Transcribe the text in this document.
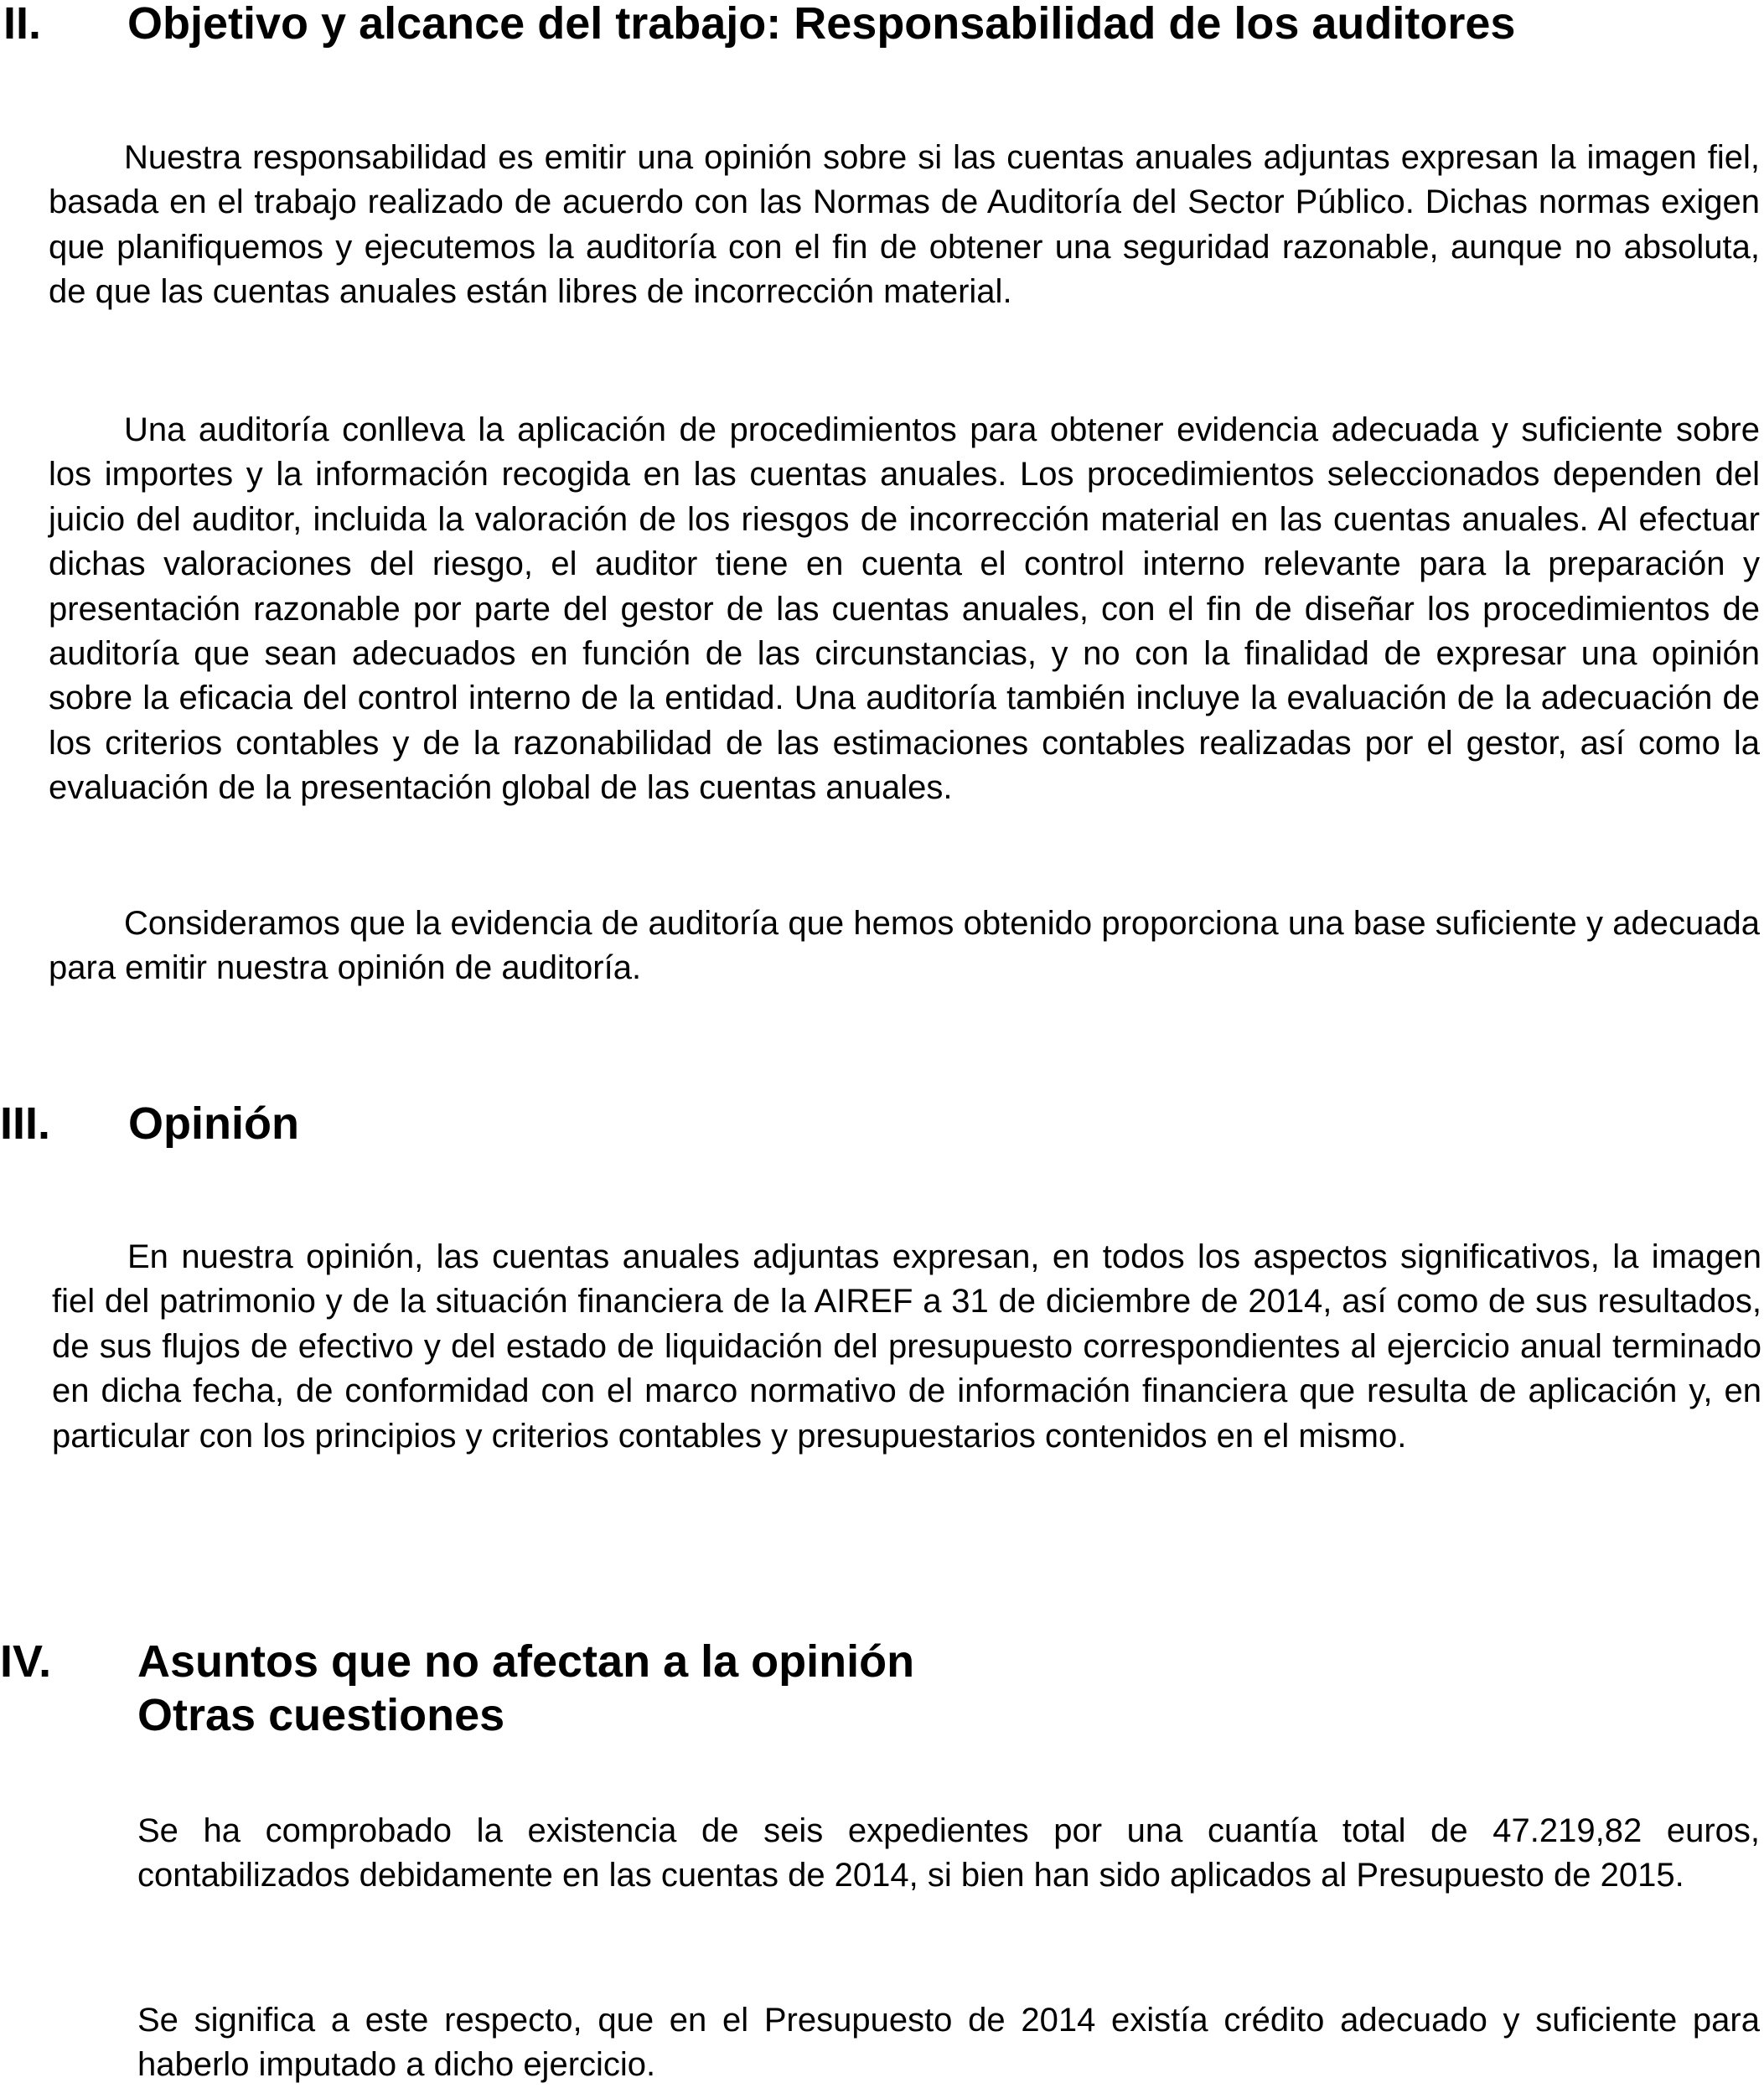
II. Objetivo y alcance del trabajo: Responsabilidad de los auditores

Nuestra responsabilidad es emitir una opinión sobre si las cuentas anuales adjuntas expresan la imagen fiel, basada en el trabajo realizado de acuerdo con las Normas de Auditoría del Sector Público. Dichas normas exigen que planifiquemos y ejecutemos la auditoría con el fin de obtener una seguridad razonable, aunque no absoluta, de que las cuentas anuales están libres de incorrección material.

Una auditoría conlleva la aplicación de procedimientos para obtener evidencia adecuada y suficiente sobre los importes y la información recogida en las cuentas anuales. Los procedimientos seleccionados dependen del juicio del auditor, incluida la valoración de los riesgos de incorrección material en las cuentas anuales. Al efectuar dichas valoraciones del riesgo, el auditor tiene en cuenta el control interno relevante para la preparación y presentación razonable por parte del gestor de las cuentas anuales, con el fin de diseñar los procedimientos de auditoría que sean adecuados en función de las circunstancias, y no con la finalidad de expresar una opinión sobre la eficacia del control interno de la entidad. Una auditoría también incluye la evaluación de la adecuación de los criterios contables y de la razonabilidad de las estimaciones contables realizadas por el gestor, así como la evaluación de la presentación global de las cuentas anuales.

Consideramos que la evidencia de auditoría que hemos obtenido proporciona una base suficiente y adecuada para emitir nuestra opinión de auditoría.

III. Opinión

En nuestra opinión, las cuentas anuales adjuntas expresan, en todos los aspectos significativos, la imagen fiel del patrimonio y de la situación financiera de la AIREF a 31 de diciembre de 2014, así como de sus resultados, de sus flujos de efectivo y del estado de liquidación del presupuesto correspondientes al ejercicio anual terminado en dicha fecha, de conformidad con el marco normativo de información financiera que resulta de aplicación y, en particular con los principios y criterios contables y presupuestarios contenidos en el mismo.

IV. Asuntos que no afectan a la opinión
Otras cuestiones

Se ha comprobado la existencia de seis expedientes por una cuantía total de 47.219,82 euros, contabilizados debidamente en las cuentas de 2014, si bien han sido aplicados al Presupuesto de 2015.

Se significa a este respecto, que en el Presupuesto de 2014 existía crédito adecuado y suficiente para haberlo imputado a dicho ejercicio.
